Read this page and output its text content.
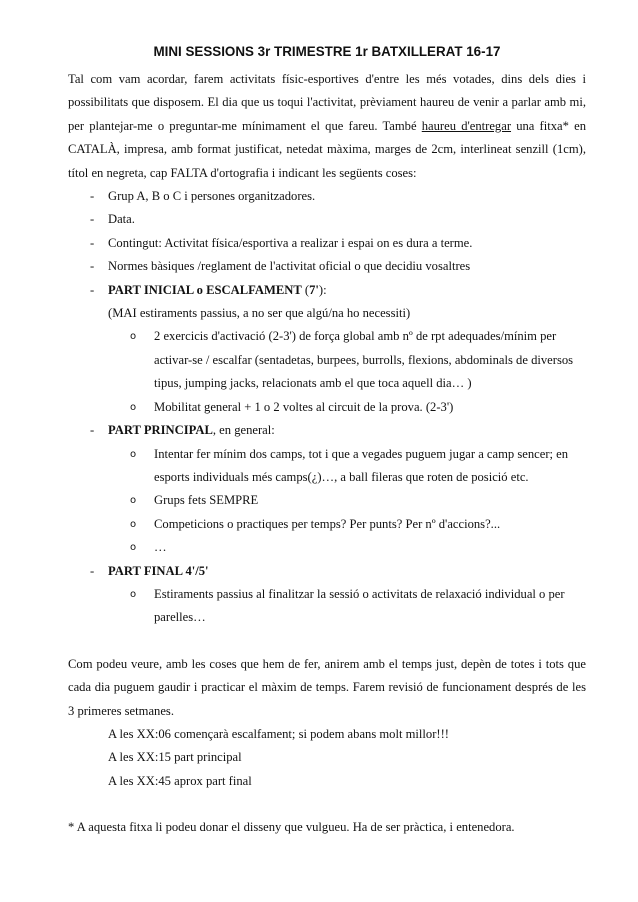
MINI SESSIONS 3r TRIMESTRE 1r BATXILLERAT 16-17

Tal com vam acordar, farem activitats físic-esportives d'entre les més votades, dins dels dies i possibilitats que disposem. El dia que us toqui l'activitat, prèviament haureu de venir a parlar amb mi, per plantejar-me o preguntar-me mínimament el que fareu. També haureu d'entregar una fitxa* en CATALÀ, impresa, amb format justificat, netedat màxima, marges de 2cm, interlineat senzill (1cm), títol en negreta, cap FALTA d'ortografia i indicant les següents coses:

- Grup A, B o C i persones organitzadores.
- Data.
- Contingut: Activitat física/esportiva a realizar i espai on es dura a terme.
- Normes bàsiques /reglament de l'activitat oficial o que decidiu vosaltres
- PART INICIAL o ESCALFAMENT (7'):
(MAI estiraments passius, a no ser que algú/na ho necessiti)
o 2 exercicis d'activació (2-3') de força global amb nº de rpt adequades/mínim per activar-se / escalfar (sentadetas, burpees, burrolls, flexions, abdominals de diversos tipus, jumping jacks, relacionats amb el que toca aquell dia… )
o Mobilitat general + 1 o 2 voltes al circuit de la prova. (2-3')
- PART PRINCIPAL, en general:
o Intentar fer mínim dos camps, tot i que a vegades puguem jugar a camp sencer; en esports individuals més camps(¿)…, a ball fileras que roten de posició etc.
o Grups fets SEMPRE
o Competicions o practiques per temps? Per punts? Per nº d'accions?...
o …
- PART FINAL 4'/5'
o Estiraments passius al finalitzar la sessió o activitats de relaxació individual o per parelles…

Com podeu veure, amb les coses que hem de fer, anirem amb el temps just, depèn de totes i tots que cada dia puguem gaudir i practicar el màxim de temps. Farem revisió de funcionament després de les 3 primeres setmanes.

A les XX:06 començarà escalfament; si podem abans molt millor!!!
A les XX:15 part principal
A les XX:45 aprox part final

* A aquesta fitxa li podeu donar el disseny que vulgueu. Ha de ser pràctica, i entenedora.
